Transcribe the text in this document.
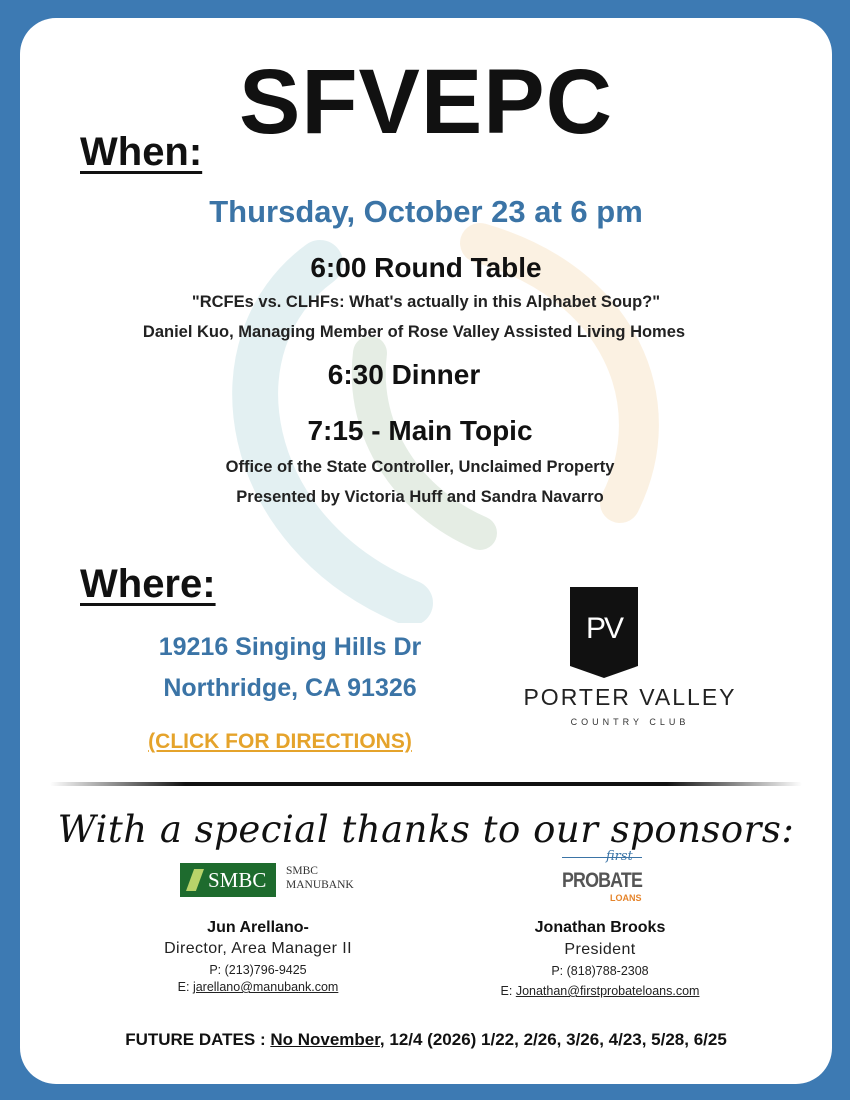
SFVEPC
When:
Thursday, October 23 at 6 pm
6:00 Round Table
"RCFEs vs. CLHFs: What's actually in this Alphabet Soup?"
Daniel Kuo, Managing Member of Rose Valley Assisted Living Homes
6:30 Dinner
7:15 - Main Topic
Office of the State Controller, Unclaimed Property
Presented by Victoria Huff and Sandra Navarro
Where:
19216 Singing Hills Dr
Northridge, CA 91326
(CLICK FOR DIRECTIONS)
PV
PORTER VALLEY
COUNTRY CLUB
With a special thanks to our sponsors:
SMBC	SMBC
MANUBANK
Jun Arellano-
Director, Area Manager II
P: (213)796-9425
E: jarellano@manubank.com
first
PROBATE
LOANS
Jonathan Brooks
President
P: (818)788-2308
E: Jonathan@firstprobateloans.com
FUTURE DATES : No November, 12/4 (2026) 1/22, 2/26, 3/26, 4/23, 5/28, 6/25
